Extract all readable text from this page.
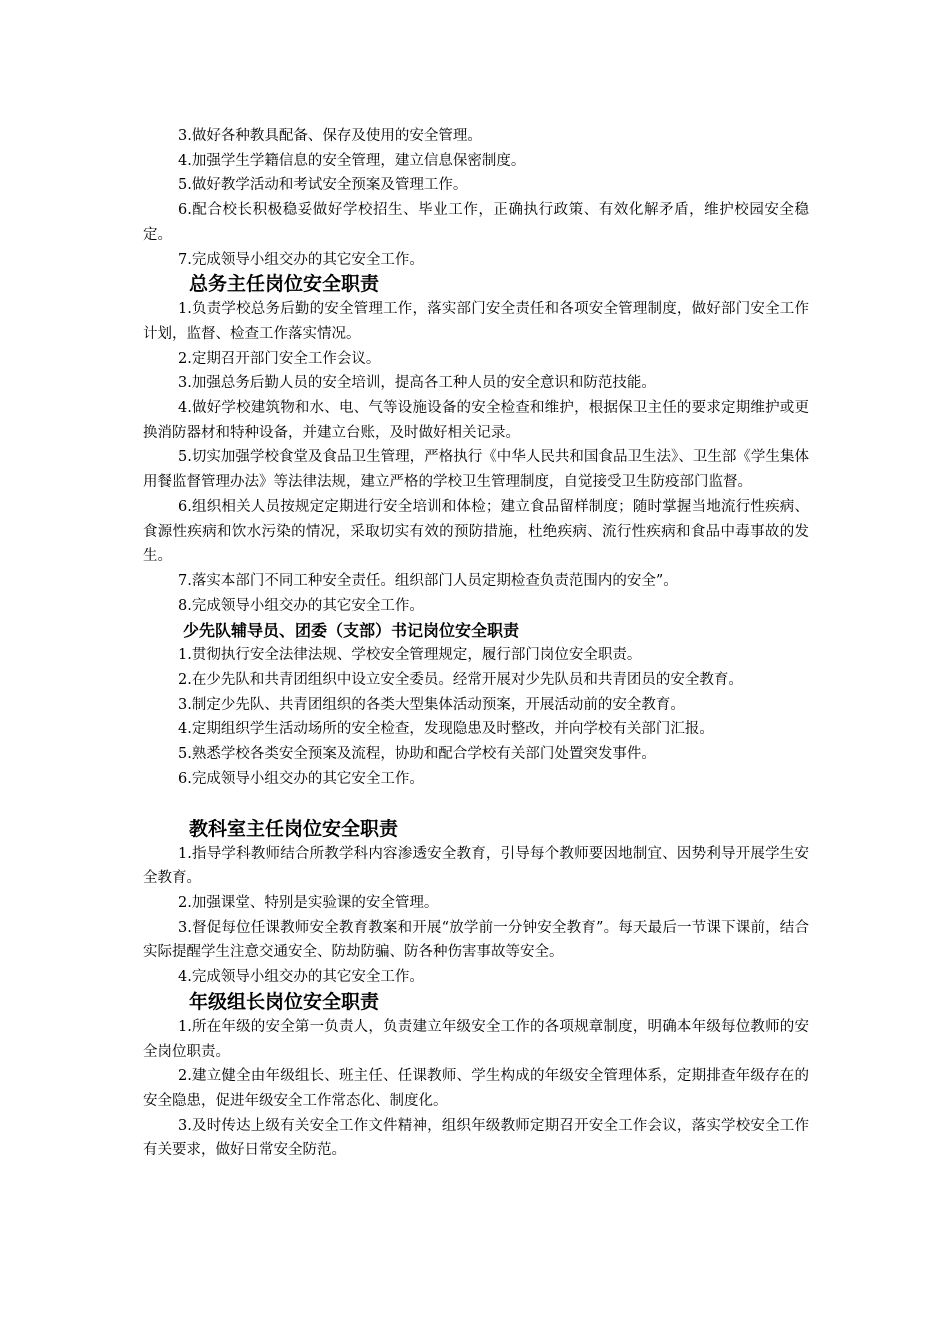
3.做好各种教具配备、保存及使用的安全管理。

4.加强学生学籍信息的安全管理，建立信息保密制度。

5.做好教学活动和考试安全预案及管理工作。

6.配合校长积极稳妥做好学校招生、毕业工作，正确执行政策、有效化解矛盾，维护校园安全稳定。

7.完成领导小组交办的其它安全工作。

总务主任岗位安全职责

1.负责学校总务后勤的安全管理工作，落实部门安全责任和各项安全管理制度，做好部门安全工作计划，监督、检查工作落实情况。

2.定期召开部门安全工作会议。

3.加强总务后勤人员的安全培训，提高各工种人员的安全意识和防范技能。

4.做好学校建筑物和水、电、气等设施设备的安全检查和维护，根据保卫主任的要求定期维护或更换消防器材和特种设备，并建立台账，及时做好相关记录。

5.切实加强学校食堂及食品卫生管理，严格执行《中华人民共和国食品卫生法》、卫生部《学生集体用餐监督管理办法》等法律法规，建立严格的学校卫生管理制度，自觉接受卫生防疫部门监督。

6.组织相关人员按规定定期进行安全培训和体检；建立食品留样制度；随时掌握当地流行性疾病、食源性疾病和饮水污染的情况，采取切实有效的预防措施，杜绝疾病、流行性疾病和食品中毒事故的发生。

7.落实本部门不同工种安全责任。组织部门人员定期检查负责范围内的安全”。

8.完成领导小组交办的其它安全工作。

少先队辅导员、团委（支部）书记岗位安全职责

1.贯彻执行安全法律法规、学校安全管理规定，履行部门岗位安全职责。

2.在少先队和共青团组织中设立安全委员。经常开展对少先队员和共青团员的安全教育。

3.制定少先队、共青团组织的各类大型集体活动预案，开展活动前的安全教育。

4.定期组织学生活动场所的安全检查，发现隐患及时整改，并向学校有关部门汇报。

5.熟悉学校各类安全预案及流程，协助和配合学校有关部门处置突发事件。

6.完成领导小组交办的其它安全工作。

教科室主任岗位安全职责

1.指导学科教师结合所教学科内容渗透安全教育，引导每个教师要因地制宜、因势利导开展学生安全教育。

2.加强课堂、特别是实验课的安全管理。

3.督促每位任课教师安全教育教案和开展“放学前一分钟安全教育”。每天最后一节课下课前，结合实际提醒学生注意交通安全、防劫防骗、防各种伤害事故等安全。

4.完成领导小组交办的其它安全工作。

年级组长岗位安全职责

1.所在年级的安全第一负责人，负责建立年级安全工作的各项规章制度，明确本年级每位教师的安全岗位职责。

2.建立健全由年级组长、班主任、任课教师、学生构成的年级安全管理体系，定期排查年级存在的安全隐患，促进年级安全工作常态化、制度化。

3.及时传达上级有关安全工作文件精神，组织年级教师定期召开安全工作会议，落实学校安全工作有关要求，做好日常安全防范。
